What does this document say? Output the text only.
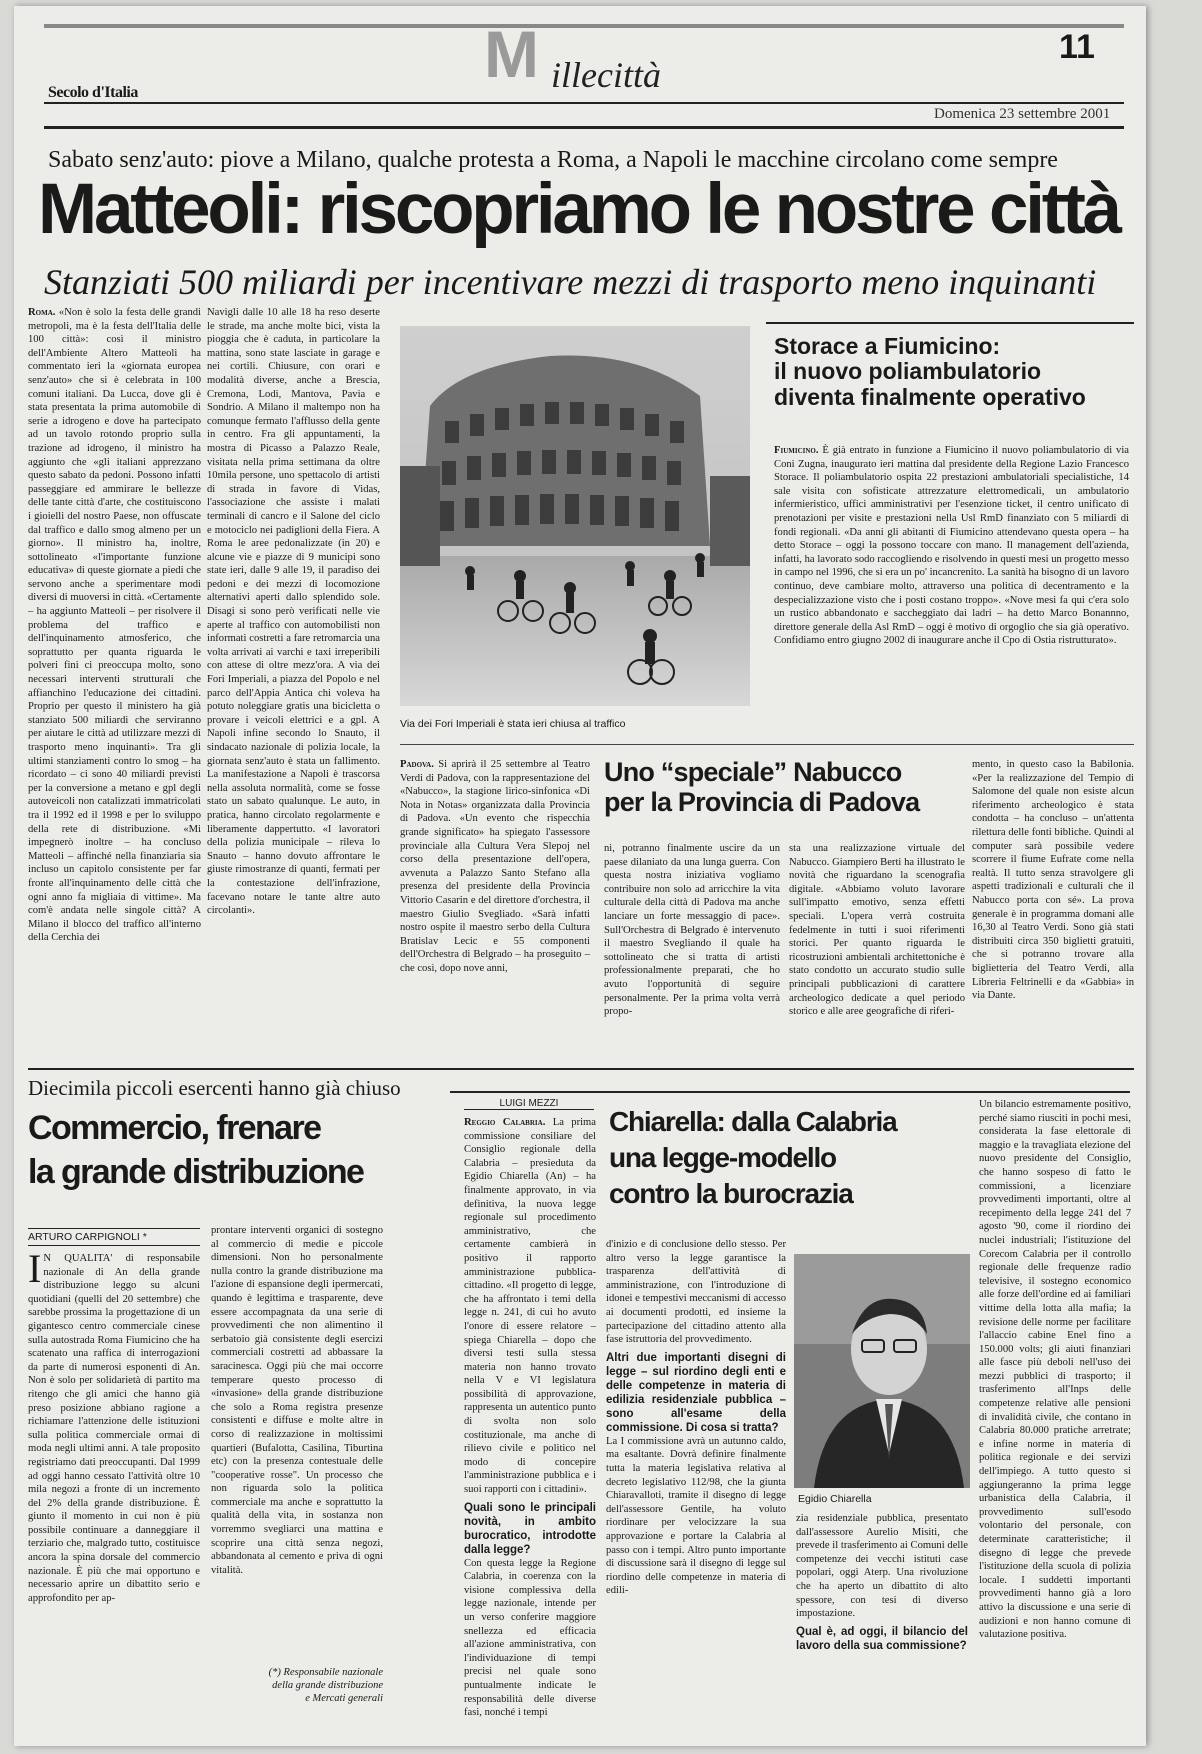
M illecittà
11
Secolo d'Italia
Domenica 23 settembre 2001
Sabato senz'auto: piove a Milano, qualche protesta a Roma, a Napoli le macchine circolano come sempre
Matteoli: riscopriamo le nostre città
Stanziati 500 miliardi per incentivare mezzi di trasporto meno inquinanti
Roma. «Non è solo la festa delle grandi metropoli, ma è la festa dell'Italia delle 100 città»: così il ministro dell'Ambiente Altero Matteoli ha commentato ieri la «giornata europea senz'auto» che si è celebrata in 100 comuni italiani. Da Lucca, dove gli è stata presentata la prima automobile di serie a idrogeno e dove ha partecipato ad un tavolo rotondo proprio sulla trazione ad idrogeno, il ministro ha aggiunto che «gli italiani apprezzano questo sabato da pedoni. Possono infatti passeggiare ed ammirare le bellezze delle tante città d'arte, che costituiscono i gioielli del nostro Paese, non offuscate dal traffico e dallo smog almeno per un giorno». Il ministro ha, inoltre, sottolineato «l'importante funzione educativa» di queste giornate a piedi che servono anche a sperimentare modi diversi di muoversi in città. «Certamente – ha aggiunto Matteoli – per risolvere il problema del traffico e dell'inquinamento atmosferico, che soprattutto per quanta riguarda le polveri fini ci preoccupa molto, sono necessari interventi strutturali che affianchino l'educazione dei cittadini. Proprio per questo il ministero ha già stanziato 500 miliardi che serviranno per aiutare le città ad utilizzare mezzi di trasporto meno inquinanti». Tra gli ultimi stanziamenti contro lo smog – ha ricordato – ci sono 40 miliardi previsti per la conversione a metano e gpl degli autoveicoli non catalizzati immatricolati tra il 1992 ed il 1998 e per lo sviluppo della rete di distribuzione. «Mi impegnerò inoltre – ha concluso Matteoli – affinché nella finanziaria sia incluso un capitolo consistente per far fronte all'inquinamento delle città che ogni anno fa migliaia di vittime». Ma com'è andata nelle singole città? A Milano il blocco del traffico all'interno della Cerchia dei
Navigli dalle 10 alle 18 ha reso deserte le strade, ma anche molte bici, vista la pioggia che è caduta, in particolare la mattina, sono state lasciate in garage e nei cortili. Chiusure, con orari e modalità diverse, anche a Brescia, Cremona, Lodi, Mantova, Pavia e Sondrio. A Milano il maltempo non ha comunque fermato l'afflusso della gente in centro. Fra gli appuntamenti, la mostra di Picasso a Palazzo Reale, visitata nella prima settimana da oltre 10mila persone, uno spettacolo di artisti di strada in favore di Vidas, l'associazione che assiste i malati terminali di cancro e il Salone del ciclo e motociclo nei padiglioni della Fiera. A Roma le aree pedonalizzate (in 20) e alcune vie e piazze di 9 municipi sono state ieri, dalle 9 alle 19, il paradiso dei pedoni e dei mezzi di locomozione alternativi aperti dallo splendido sole. Disagi si sono però verificati nelle vie aperte al traffico con automobilisti non informati costretti a fare retromarcia una volta arrivati ai varchi e taxi irreperibili con attese di oltre mezz'ora. A via dei Fori Imperiali, a piazza del Popolo e nel parco dell'Appia Antica chi voleva ha potuto noleggiare gratis una bicicletta o provare i veicoli elettrici e a gpl. A Napoli infine secondo lo Snauto, il sindacato nazionale di polizia locale, la giornata senz'auto è stata un fallimento. La manifestazione a Napoli è trascorsa nella assoluta normalità, come se fosse stato un sabato qualunque. Le auto, in pratica, hanno circolato regolarmente e liberamente dappertutto. «I lavoratori della polizia municipale – rileva lo Snauto – hanno dovuto affrontare le giuste rimostranze di quanti, fermati per la contestazione dell'infrazione, facevano notare le tante altre auto circolanti».
Via dei Fori Imperiali è stata ieri chiusa al traffico
Storace a Fiumicino:
il nuovo poliambulatorio
diventa finalmente operativo
Fiumicino. È già entrato in funzione a Fiumicino il nuovo poliambulatorio di via Coni Zugna, inaugurato ieri mattina dal presidente della Regione Lazio Francesco Storace. Il poliambulatorio ospita 22 prestazioni ambulatoriali specialistiche, 14 sale visita con sofisticate attrezzature elettromedicali, un ambulatorio infermieristico, uffici amministrativi per l'esenzione ticket, il centro unificato di prenotazioni per visite e prestazioni nella Usl RmD finanziato con 5 miliardi di fondi regionali. «Da anni gli abitanti di Fiumicino attendevano questa opera – ha detto Storace – oggi la possono toccare con mano. Il management dell'azienda, infatti, ha lavorato sodo raccogliendo e risolvendo in questi mesi un progetto messo in campo nel 1996, che si era un po' incancrenito. La sanità ha bisogno di un lavoro continuo, deve cambiare molto, attraverso una politica di decentramento e la despecializzazione visto che i posti costano troppo». «Nove mesi fa qui c'era solo un rustico abbandonato e saccheggiato dai ladri – ha detto Marco Bonannno, direttore generale della Asl RmD – oggi è motivo di orgoglio che sia già operativo. Confidiamo entro giugno 2002 di inaugurare anche il Cpo di Ostia ristrutturato».
Padova. Si aprirà il 25 settembre al Teatro Verdi di Padova, con la rappresentazione del «Nabucco», la stagione lirico-sinfonica «Di Nota in Notas» organizzata dalla Provincia di Padova. «Un evento che rispecchia grande significato» ha spiegato l'assessore provinciale alla Cultura Vera Slepoj nel corso della presentazione dell'opera, avvenuta a Palazzo Santo Stefano alla presenza del presidente della Provincia Vittorio Casarin e del direttore d'orchestra, il maestro Giulio Svegliado. «Sarà infatti nostro ospite il maestro serbo della Cultura Bratislav Lecic e 55 componenti dell'Orchestra di Belgrado – ha proseguito – che così, dopo nove anni,
Uno “speciale” Nabucco
per la Provincia di Padova
ni, potranno finalmente uscire da un paese dilaniato da una lunga guerra. Con questa nostra iniziativa vogliamo contribuire non solo ad arricchire la vita culturale della città di Padova ma anche lanciare un forte messaggio di pace». Sull'Orchestra di Belgrado è intervenuto il maestro Svegliando il quale ha sottolineato che si tratta di artisti professionalmente preparati, che ho avuto l'opportunità di seguire personalmente. Per la prima volta verrà propo-
sta una realizzazione virtuale del Nabucco. Giampiero Berti ha illustrato le novità che riguardano la scenografia digitale. «Abbiamo voluto lavorare sull'impatto emotivo, senza effetti speciali. L'opera verrà costruita fedelmente in tutti i suoi riferimenti storici. Per quanto riguarda le ricostruzioni ambientali architettoniche è stato condotto un accurato studio sulle principali pubblicazioni di carattere archeologico dedicate a quel periodo storico e alle aree geografiche di riferi-
mento, in questo caso la Babilonia. «Per la realizzazione del Tempio di Salomone del quale non esiste alcun riferimento archeologico è stata condotta – ha concluso – un'attenta rilettura delle fonti bibliche. Quindi al computer sarà possibile vedere scorrere il fiume Eufrate come nella realtà. Il tutto senza stravolgere gli aspetti tradizionali e culturali che il Nabucco porta con sé». La prova generale è in programma domani alle 16,30 al Teatro Verdi. Sono già stati distribuiti circa 350 biglietti gratuiti, che si potranno trovare alla biglietteria del Teatro Verdi, alla Libreria Feltrinelli e da «Gabbia» in via Dante.
Diecimila piccoli esercenti hanno già chiuso
Commercio, frenare
la grande distribuzione
ARTURO CARPIGNOLI *
I N QUALITA' di responsabile nazionale di An della grande distribuzione leggo su alcuni quotidiani (quelli del 20 settembre) che sarebbe prossima la progettazione di un gigantesco centro commerciale cinese sulla autostrada Roma Fiumicino che ha scatenato una raffica di interrogazioni da parte di numerosi esponenti di An. Non è solo per solidarietà di partito ma ritengo che gli amici che hanno già preso posizione abbiano ragione a richiamare l'attenzione delle istituzioni sulla politica commerciale ormai di moda negli ultimi anni. A tale proposito registriamo dati preoccupanti. Dal 1999 ad oggi hanno cessato l'attività oltre 10 mila negozi a fronte di un incremento del 2% della grande distribuzione. È giunto il momento in cui non è più possibile continuare a danneggiare il terziario che, malgrado tutto, costituisce ancora la spina dorsale del commercio nazionale. È più che mai opportuno e necessario aprire un dibattito serio e approfondito per ap-
prontare interventi organici di sostegno al commercio di medie e piccole dimensioni. Non ho personalmente nulla contro la grande distribuzione ma l'azione di espansione degli ipermercati, quando è legittima e trasparente, deve essere accompagnata da una serie di provvedimenti che non alimentino il serbatoio già consistente degli esercizi commerciali costretti ad abbassare la saracinesca. Oggi più che mai occorre temperare questo processo di «invasione» della grande distribuzione che solo a Roma registra presenze consistenti e diffuse e molte altre in corso di realizzazione in moltissimi quartieri (Bufalotta, Casilina, Tiburtina etc) con la presenza contestuale delle "cooperative rosse". Un processo che non riguarda solo la politica commerciale ma anche e soprattutto la qualità della vita, in sostanza non vorremmo svegliarci una mattina e scoprire una città senza negozi, abbandonata al cemento e priva di ogni vitalità.
(*) Responsabile nazionale
della grande distribuzione
e Mercati generali
LUIGI MEZZI
Reggio Calabria. La prima commissione consiliare del Consiglio regionale della Calabria – presieduta da Egidio Chiarella (An) – ha finalmente approvato, in via definitiva, la nuova legge regionale sul procedimento amministrativo, che certamente cambierà in positivo il rapporto amministrazione pubblica-cittadino. «Il progetto di legge, che ha affrontato i temi della legge n. 241, di cui ho avuto l'onore di essere relatore – spiega Chiarella – dopo che diversi testi sulla stessa materia non hanno trovato nella V e VI legislatura possibilità di approvazione, rappresenta un autentico punto di svolta non solo costituzionale, ma anche di rilievo civile e politico nel modo di concepire l'amministrazione pubblica e i suoi rapporti con i cittadini».
Quali sono le principali novità, in ambito burocratico, introdotte dalla legge?
Con questa legge la Regione Calabria, in coerenza con la visione complessiva della legge nazionale, intende per un verso conferire maggiore snellezza ed efficacia all'azione amministrativa, con l'individuazione di tempi precisi nel quale sono puntualmente indicate le responsabilità delle diverse fasi, nonché i tempi
Chiarella: dalla Calabria
una legge-modello
contro la burocrazia
d'inizio e di conclusione dello stesso. Per altro verso la legge garantisce la trasparenza dell'attività di amministrazione, con l'introduzione di idonei e tempestivi meccanismi di accesso ai documenti prodotti, ed insieme la partecipazione del cittadino attento alla fase istruttoria del provvedimento.
Altri due importanti disegni di legge – sul riordino degli enti e delle competenze in materia di edilizia residenziale pubblica – sono all'esame della commissione. Di cosa si tratta?
La I commissione avrà un autunno caldo, ma esaltante. Dovrà definire finalmente tutta la materia legislativa relativa al decreto legislativo 112/98, che la giunta Chiaravalloti, tramite il disegno di legge dell'assessore Gentile, ha voluto riordinare per velocizzare la sua approvazione e portare la Calabria al passo con i tempi. Altro punto importante di discussione sarà il disegno di legge sul riordino delle competenze in materia di edili-
Egidio Chiarella
zia residenziale pubblica, presentato dall'assessore Aurelio Misiti, che prevede il trasferimento ai Comuni delle competenze dei vecchi istituti case popolari, oggi Aterp. Una rivoluzione che ha aperto un dibattito di alto spessore, con tesi di diverso impostazione.
Qual è, ad oggi, il bilancio del lavoro della sua commissione?
Un bilancio estremamente positivo, perché siamo riusciti in pochi mesi, considerata la fase elettorale di maggio e la travagliata elezione del nuovo presidente del Consiglio, che hanno sospeso di fatto le commissioni, a licenziare provvedimenti importanti, oltre al recepimento della legge 241 del 7 agosto '90, come il riordino dei nuclei industriali; l'istituzione del Corecom Calabria per il controllo regionale delle frequenze radio televisive, il sostegno economico alle forze dell'ordine ed ai familiari vittime della lotta alla mafia; la revisione delle norme per facilitare l'allaccio cabine Enel fino a 150.000 volts; gli aiuti finanziari alle fasce più deboli nell'uso dei mezzi pubblici di trasporto; il trasferimento all'Inps delle competenze relative alle pensioni di invalidità civile, che contano in Calabria 80.000 pratiche arretrate; e infine norme in materia di politica regionale e dei servizi dell'impiego. A tutto questo si aggiungeranno la prima legge urbanistica della Calabria, il provvedimento sull'esodo volontario del personale, con determinate caratteristiche; il disegno di legge che prevede l'istituzione della scuola di polizia locale. I suddetti importanti provvedimenti hanno già a loro attivo la discussione e una serie di audizioni e non hanno comune di valutazione positiva.
